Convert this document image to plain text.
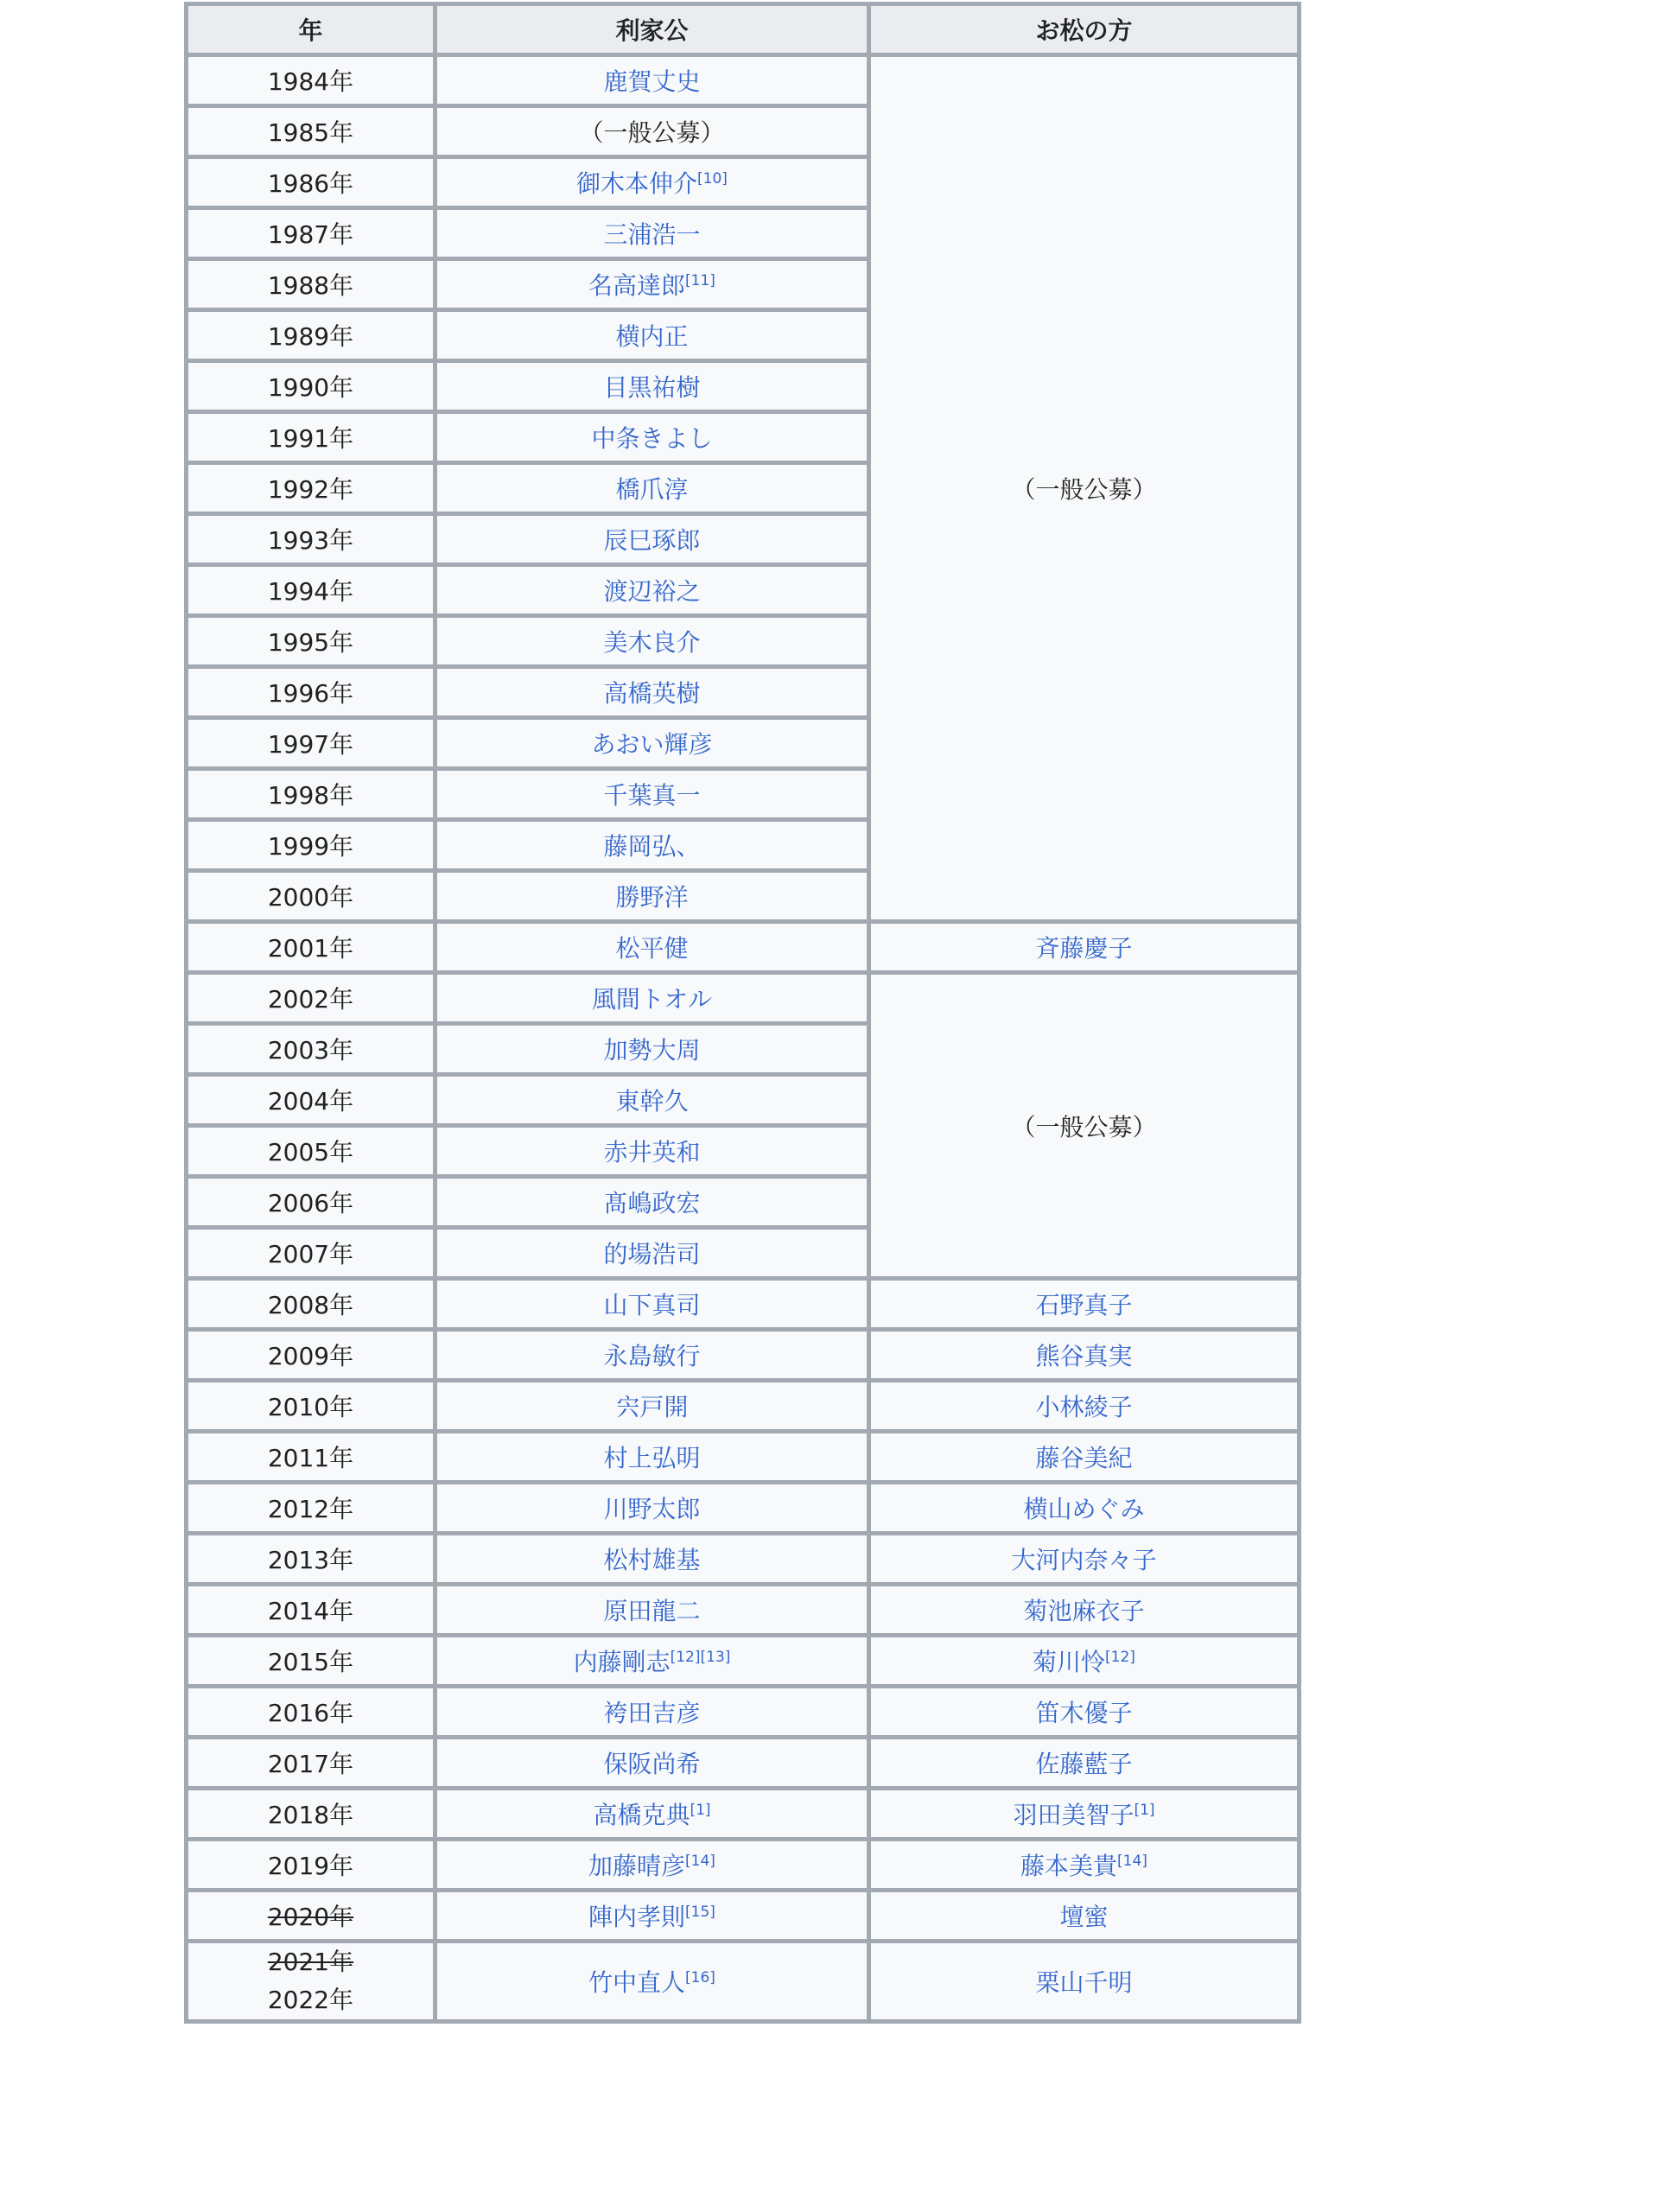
年	利家公	お松の方
1984年	鹿賀丈史	（一般公募）
1985年	（一般公募）	
1986年	御木本伸介[10]
1987年	三浦浩一	
1988年	名高達郎[11]
1989年	横内正	
1990年	目黒祐樹	
1991年	中条きよし	
1992年	橋爪淳	
1993年	辰巳琢郎	
1994年	渡辺裕之	
1995年	美木良介	
1996年	高橋英樹	
1997年	あおい輝彦	
1998年	千葉真一	
1999年	藤岡弘、	
2000年	勝野洋	
2001年	松平健	斉藤慶子
2002年	風間トオル	（一般公募）
2003年	加勢大周	
2004年	東幹久	
2005年	赤井英和	
2006年	髙嶋政宏	
2007年	的場浩司	
2008年	山下真司	石野真子
2009年	永島敏行	熊谷真実
2010年	宍戸開	小林綾子
2011年	村上弘明	藤谷美紀
2012年	川野太郎	横山めぐみ
2013年	松村雄基	大河内奈々子
2014年	原田龍二	菊池麻衣子
2015年	内藤剛志[12][13]	菊川怜[12]
2016年	袴田吉彦	笛木優子
2017年	保阪尚希	佐藤藍子
2018年	高橋克典[1]	羽田美智子[1]
2019年	加藤晴彦[14]	藤本美貴[14]
2020年	陣内孝則[15]	壇蜜

2021年
2022年	竹中直人[16]	栗山千明
